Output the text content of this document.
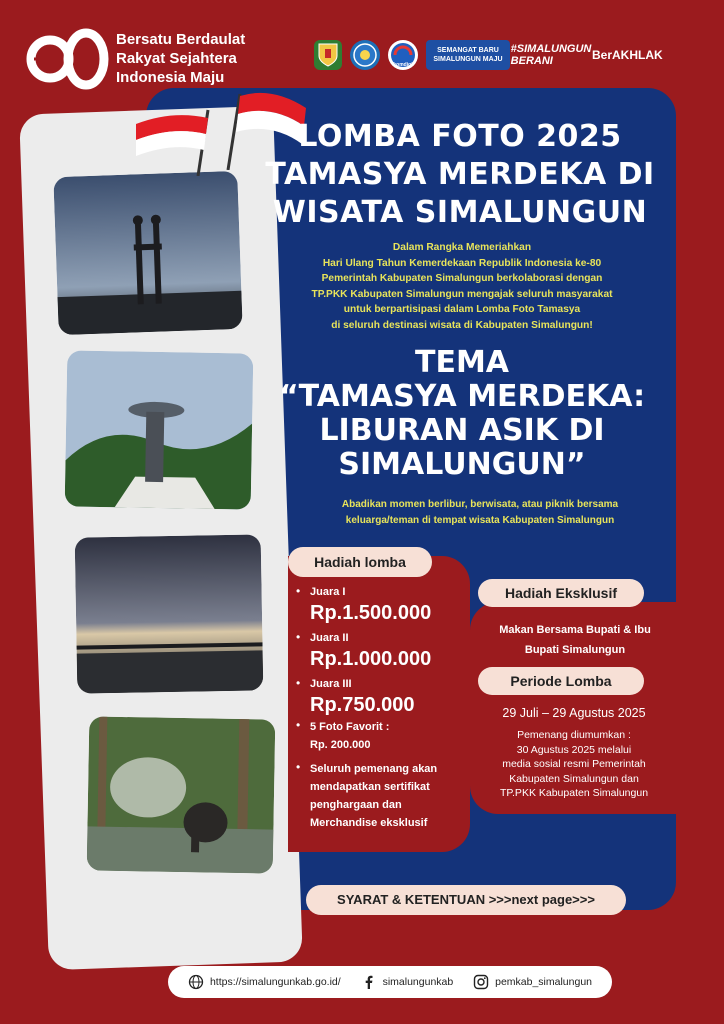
Bersatu Berdaulat
Rakyat Sejahtera
Indonesia Maju
komdigi
SEMANGAT BARU SIMALUNGUN MAJU
#SIMALUNGUN BERANI	BerAKHLAK
LOMBA FOTO 2025
TAMASYA MERDEKA DI
WISATA SIMALUNGUN
Dalam Rangka Memeriahkan
Hari Ulang Tahun Kemerdekaan Republik Indonesia ke-80
Pemerintah Kabupaten Simalungun berkolaborasi dengan
TP.PKK Kabupaten Simalungun mengajak seluruh masyarakat
untuk berpartisipasi dalam Lomba Foto Tamasya
di seluruh destinasi wisata di Kabupaten Simalungun!
TEMA
“TAMASYA MERDEKA:
LIBURAN ASIK DI
SIMALUNGUN”
Abadikan momen berlibur, berwisata, atau piknik bersama
keluarga/teman di tempat wisata Kabupaten Simalungun
Hadiah lomba
• Juara I
Rp.1.500.000
• Juara II
Rp.1.000.000
• Juara III
Rp.750.000
• 5 Foto Favorit :
Rp. 200.000
• Seluruh pemenang akan
mendapatkan sertifikat
penghargaan dan
Merchandise eksklusif
Hadiah Eksklusif
Makan Bersama Bupati & Ibu
Bupati Simalungun
Periode Lomba
29 Juli – 29 Agustus 2025
Pemenang diumumkan :
30 Agustus 2025 melalui
media sosial resmi Pemerintah
Kabupaten Simalungun dan
TP.PKK Kabupaten Simalungun
SYARAT & KETENTUAN >>>next page>>>
https://simalungunkab.go.id/	simalungunkab	pemkab_simalungun
